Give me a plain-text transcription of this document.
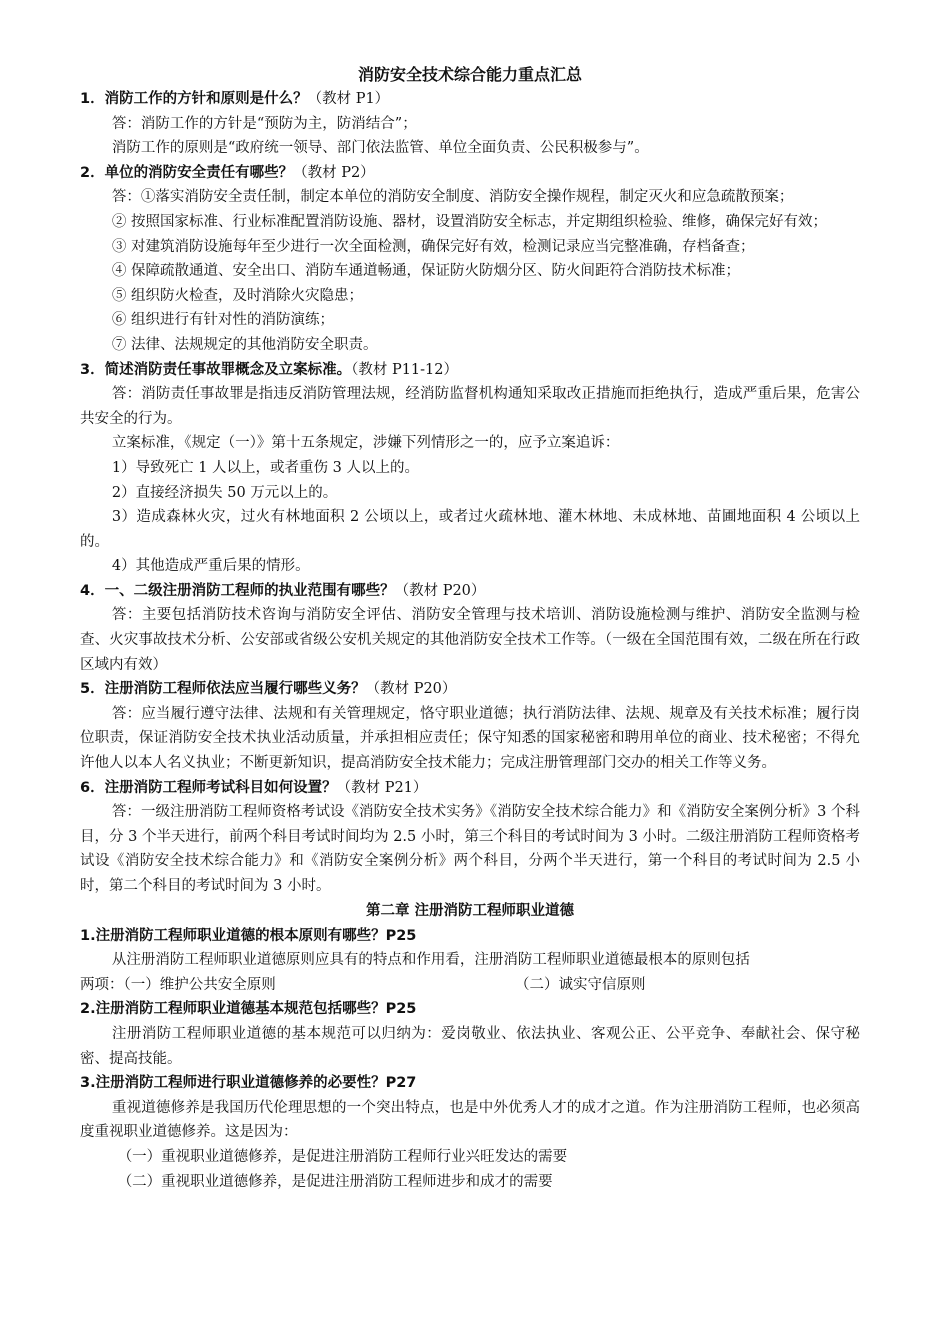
消防安全技术综合能力重点汇总

1．消防工作的方针和原则是什么？（教材 P1）

答：消防工作的方针是“预防为主，防消结合”；

消防工作的原则是“政府统一领导、部门依法监管、单位全面负责、公民积极参与”。

2．单位的消防安全责任有哪些？（教材 P2）

答：①落实消防安全责任制，制定本单位的消防安全制度、消防安全操作规程，制定灭火和应急疏散预案；

② 按照国家标准、行业标准配置消防设施、器材，设置消防安全标志，并定期组织检验、维修，确保完好有效；

③ 对建筑消防设施每年至少进行一次全面检测，确保完好有效，检测记录应当完整准确，存档备查；

④ 保障疏散通道、安全出口、消防车通道畅通，保证防火防烟分区、防火间距符合消防技术标准；

⑤ 组织防火检查，及时消除火灾隐患；

⑥ 组织进行有针对性的消防演练；

⑦ 法律、法规规定的其他消防安全职责。

3．简述消防责任事故罪概念及立案标准。（教材 P11-12）

答：消防责任事故罪是指违反消防管理法规，经消防监督机构通知采取改正措施而拒绝执行，造成严重后果，危害公共安全的行为。

立案标准，《规定（一）》第十五条规定，涉嫌下列情形之一的，应予立案追诉：

1）导致死亡 1 人以上，或者重伤 3 人以上的。

2）直接经济损失 50 万元以上的。

3）造成森林火灾，过火有林地面积 2 公顷以上，或者过火疏林地、灌木林地、未成林地、苗圃地面积 4 公顷以上的。

4）其他造成严重后果的情形。

4．一、二级注册消防工程师的执业范围有哪些？（教材 P20）

答：主要包括消防技术咨询与消防安全评估、消防安全管理与技术培训、消防设施检测与维护、消防安全监测与检查、火灾事故技术分析、公安部或省级公安机关规定的其他消防安全技术工作等。（一级在全国范围有效，二级在所在行政区域内有效）

5．注册消防工程师依法应当履行哪些义务？（教材 P20）

答：应当履行遵守法律、法规和有关管理规定，恪守职业道德；执行消防法律、法规、规章及有关技术标准；履行岗位职责，保证消防安全技术执业活动质量，并承担相应责任；保守知悉的国家秘密和聘用单位的商业、技术秘密；不得允许他人以本人名义执业；不断更新知识，提高消防安全技术能力；完成注册管理部门交办的相关工作等义务。

6．注册消防工程师考试科目如何设置？（教材 P21）

答：一级注册消防工程师资格考试设《消防安全技术实务》《消防安全技术综合能力》和《消防安全案例分析》3 个科目，分 3 个半天进行，前两个科目考试时间均为 2.5 小时，第三个科目的考试时间为 3 小时。二级注册消防工程师资格考试设《消防安全技术综合能力》和《消防安全案例分析》两个科目，分两个半天进行，第一个科目的考试时间为 2.5 小时，第二个科目的考试时间为 3 小时。

第二章 注册消防工程师职业道德

1.注册消防工程师职业道德的根本原则有哪些？P25

从注册消防工程师职业道德原则应具有的特点和作用看，注册消防工程师职业道德最根本的原则包括

两项：（一）维护公共安全原则	（二）诚实守信原则

2.注册消防工程师职业道德基本规范包括哪些？P25

注册消防工程师职业道德的基本规范可以归纳为：爱岗敬业、依法执业、客观公正、公平竞争、奉献社会、保守秘密、提高技能。

3.注册消防工程师进行职业道德修养的必要性？P27

重视道德修养是我国历代伦理思想的一个突出特点，也是中外优秀人才的成才之道。作为注册消防工程师，也必须高度重视职业道德修养。这是因为：

（一）重视职业道德修养，是促进注册消防工程师行业兴旺发达的需要

（二）重视职业道德修养，是促进注册消防工程师进步和成才的需要
